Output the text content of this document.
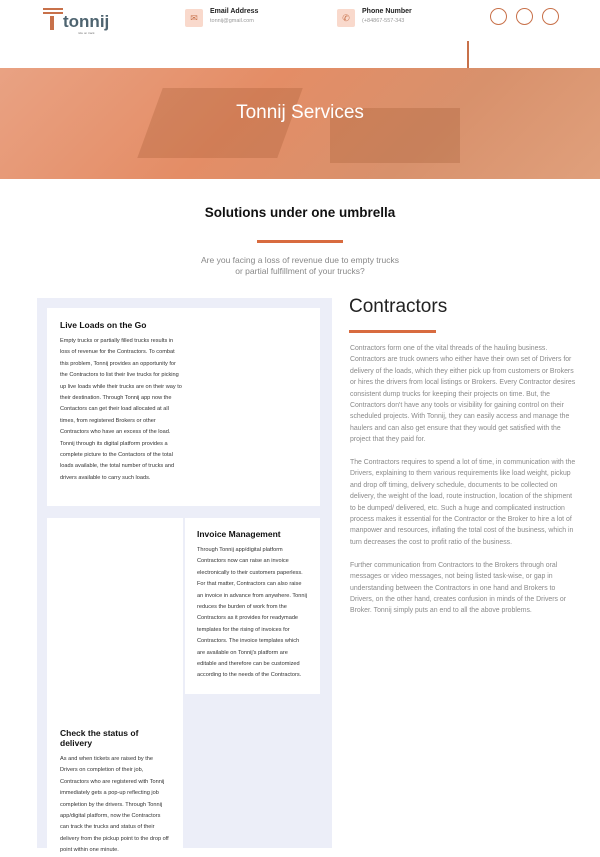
tonnij
ride on track
✉
Email Address
tonnij@gmail.com	✆
Phone Number
(+84867-557-343
Tonnij Services
Solutions under one umbrella
Are you facing a loss of revenue due to empty trucks
or partial fulfillment of your trucks?
Live Loads on the Go

Empty trucks or partially filled trucks results in loss of revenue for the Contractors. To combat this problem, Tonnij provides an opportunity for the Contractors to list their live trucks for picking up live loads while their trucks are on their way to their destination. Through Tonnij app now the Contactors can get their load allocated at all times, from registered Brokers or other Contractors who have an excess of the load. Tonnij through its digital platform provides a complete picture to the Contactors of the total loads available, the total number of trucks and drivers available to carry such loads.

Invoice Management

Through Tonnij app/digital platform Contractors now can raise an invoice electronically to their customers paperless. For that matter, Contractors can also raise an invoice in advance from anywhere. Tonnij reduces the burden of work from the Contractors as it provides for readymade templates for the rising of invoices for Contractors. The invoice templates which are available on Tonnij's platform are editable and therefore can be customized according to the needs of the Contractors.

Check the status of delivery

As and when tickets are raised by the Drivers on completion of their job, Contractors who are registered with Tonnij immediately gets a pop-up reflecting job completion by the drivers. Through Tonnij app/digital platform, now the Contractors can track the trucks and status of their delivery from the pickup point to the drop off point within one minute.

Contractors

Contractors form one of the vital threads of the hauling business. Contractors are truck owners who either have their own set of Drivers for delivery of the loads, which they either pick up from customers or Brokers or hires the drivers from local listings or Brokers. Every Contractor desires consistent dump trucks for keeping their projects on time. But, the Contractors don't have any tools or visibility for gaining control on their scheduled projects. With Tonnij, they can easily access and manage the haulers and can also get ensure that they would get satisfied with the project that they paid for.

The Contractors requires to spend a lot of time, in communication with the Drivers, explaining to them various requirements like load weight, pickup and drop off timing, delivery schedule, documents to be collected on delivery, the weight of the load, route instruction, location of the shipment to be dumped/ delivered, etc. Such a huge and complicated instruction process makes it essential for the Contractor or the Broker to hire a lot of manpower and resources, inflating the total cost of the business, which in turn decreases the cost to profit ratio of the business.

Further communication from Contractors to the Brokers through oral messages or video messages, not being listed task-wise, or gap in understanding between the Contractors in one hand and Brokers to Drivers, on the other hand, creates confusion in minds of the Drivers or Broker. Tonnij simply puts an end to all the above problems.
